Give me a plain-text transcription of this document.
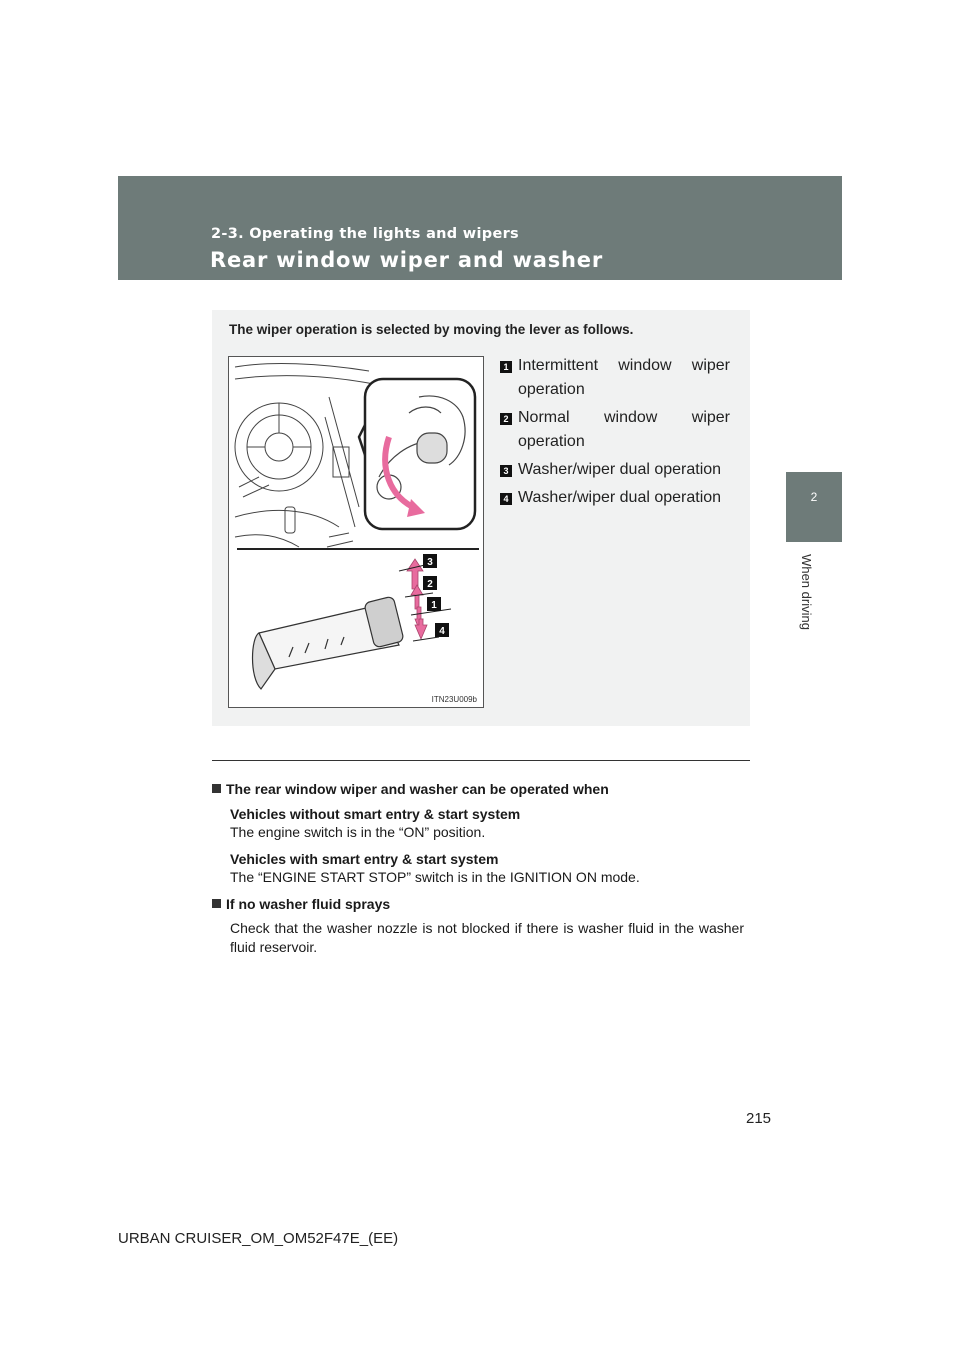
2-3. Operating the lights and wipers
Rear window wiper and washer
2
When driving
The wiper operation is selected by moving the lever as follows.
3
2
1
4
ITN23U009b
1 Intermittent window wiper operation
2 Normal window wiper operation
3 Washer/wiper dual operation
4 Washer/wiper dual operation
The rear window wiper and washer can be operated when
Vehicles without smart entry & start system
The engine switch is in the “ON” position.
Vehicles with smart entry & start system
The “ENGINE START STOP” switch is in the IGNITION ON mode.
If no washer fluid sprays
Check that the washer nozzle is not blocked if there is washer fluid in the washer fluid reservoir.
215
URBAN CRUISER_OM_OM52F47E_(EE)
